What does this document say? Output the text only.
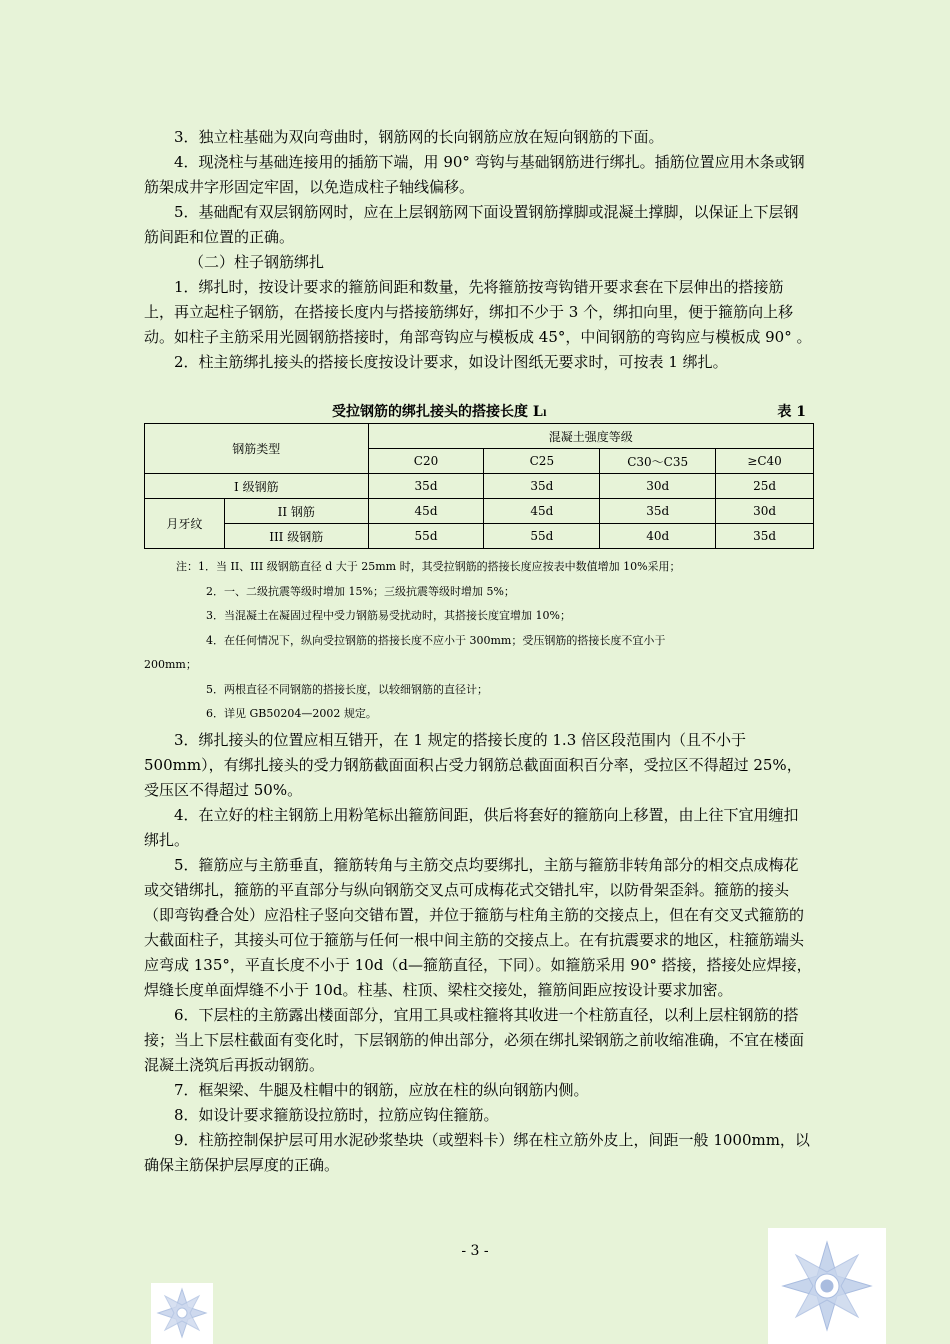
3．独立柱基础为双向弯曲时，钢筋网的长向钢筋应放在短向钢筋的下面。

4．现浇柱与基础连接用的插筋下端，用 90° 弯钩与基础钢筋进行绑扎。插筋位置应用木条或钢筋架成井字形固定牢固，以免造成柱子轴线偏移。

5．基础配有双层钢筋网时，应在上层钢筋网下面设置钢筋撑脚或混凝土撑脚，以保证上下层钢筋间距和位置的正确。

（二）柱子钢筋绑扎

1．绑扎时，按设计要求的箍筋间距和数量，先将箍筋按弯钩错开要求套在下层伸出的搭接筋上，再立起柱子钢筋，在搭接长度内与搭接筋绑好，绑扣不少于 3 个，绑扣向里，便于箍筋向上移动。如柱子主筋采用光圆钢筋搭接时，角部弯钩应与模板成 45°，中间钢筋的弯钩应与模板成 90° 。

2．柱主筋绑扎接头的搭接长度按设计要求，如设计图纸无要求时，可按表 1 绑扎。

受拉钢筋的绑扎接头的搭接长度 Lₗ	表 1
钢筋类型		混凝土强度等级			
		C20	C25	C30～C35	≥C40
I 级钢筋		35d	35d	30d	25d
月牙纹	II 钢筋	45d	45d	35d	30d
	III 级钢筋	55d	55d	40d	35d

注：1．当 II、III 级钢筋直径 d 大于 25mm 时，其受拉钢筋的搭接长度应按表中数值增加 10%采用；

2．一、二级抗震等级时增加 15%；三级抗震等级时增加 5%；

3．当混凝土在凝固过程中受力钢筋易受扰动时，其搭接长度宜增加 10%；

4．在任何情况下，纵向受拉钢筋的搭接长度不应小于 300mm；受压钢筋的搭接长度不宜小于

200mm；

5．两根直径不同钢筋的搭接长度，以较细钢筋的直径计；

6．详见 GB50204—2002 规定。

3．绑扎接头的位置应相互错开，在 1 规定的搭接长度的 1.3 倍区段范围内（且不小于 500mm），有绑扎接头的受力钢筋截面面积占受力钢筋总截面面积百分率，受拉区不得超过 25%，受压区不得超过 50%。

4．在立好的柱主钢筋上用粉笔标出箍筋间距，供后将套好的箍筋向上移置，由上往下宜用缠扣绑扎。

5．箍筋应与主筋垂直，箍筋转角与主筋交点均要绑扎，主筋与箍筋非转角部分的相交点成梅花或交错绑扎，箍筋的平直部分与纵向钢筋交叉点可成梅花式交错扎牢，以防骨架歪斜。箍筋的接头（即弯钩叠合处）应沿柱子竖向交错布置，并位于箍筋与柱角主筋的交接点上，但在有交叉式箍筋的大截面柱子，其接头可位于箍筋与任何一根中间主筋的交接点上。在有抗震要求的地区，柱箍筋端头应弯成 135°，平直长度不小于 10d（d—箍筋直径，下同）。如箍筋采用 90° 搭接，搭接处应焊接，焊缝长度单面焊缝不小于 10d。柱基、柱顶、梁柱交接处，箍筋间距应按设计要求加密。

6．下层柱的主筋露出楼面部分，宜用工具或柱箍将其收进一个柱筋直径，以利上层柱钢筋的搭接；当上下层柱截面有变化时，下层钢筋的伸出部分，必须在绑扎梁钢筋之前收缩准确，不宜在楼面混凝土浇筑后再扳动钢筋。

7．框架梁、牛腿及柱帽中的钢筋，应放在柱的纵向钢筋内侧。

8．如设计要求箍筋设拉筋时，拉筋应钩住箍筋。

9．柱筋控制保护层可用水泥砂浆垫块（或塑料卡）绑在柱立筋外皮上，间距一般 1000mm，以确保主筋保护层厚度的正确。

- 3 -
